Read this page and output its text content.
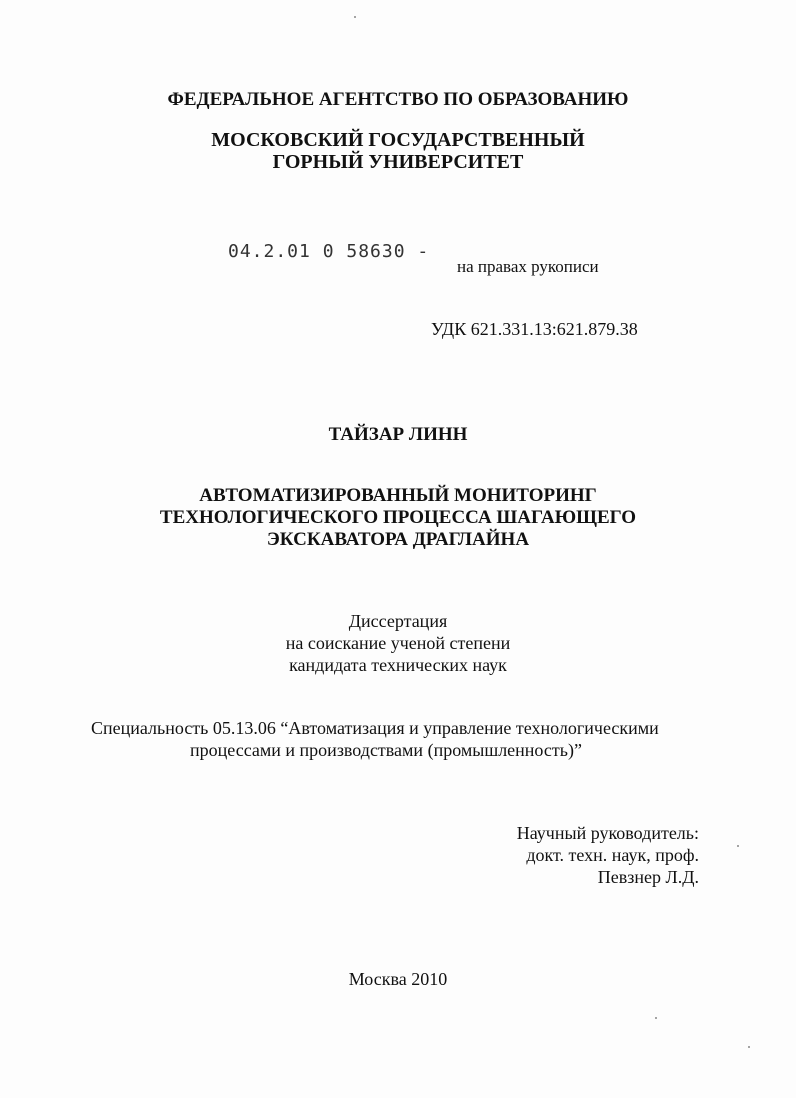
ФЕДЕРАЛЬНОЕ АГЕНТСТВО ПО ОБРАЗОВАНИЮ
МОСКОВСКИЙ ГОСУДАРСТВЕННЫЙ
ГОРНЫЙ УНИВЕРСИТЕТ
04.2.01 0 58630 -
на правах рукописи
УДК 621.331.13:621.879.38
ТАЙЗАР ЛИНН
АВТОМАТИЗИРОВАННЫЙ МОНИТОРИНГ
ТЕХНОЛОГИЧЕСКОГО ПРОЦЕССА ШАГАЮЩЕГО
ЭКСКАВАТОРА ДРАГЛАЙНА
Диссертация
на соискание ученой степени
кандидата технических наук
Специальность 05.13.06 “Автоматизация и управление технологическими
процессами и производствами (промышленность)”
Научный руководитель:
докт. техн. наук, проф.
Певзнер Л.Д.
Москва 2010
